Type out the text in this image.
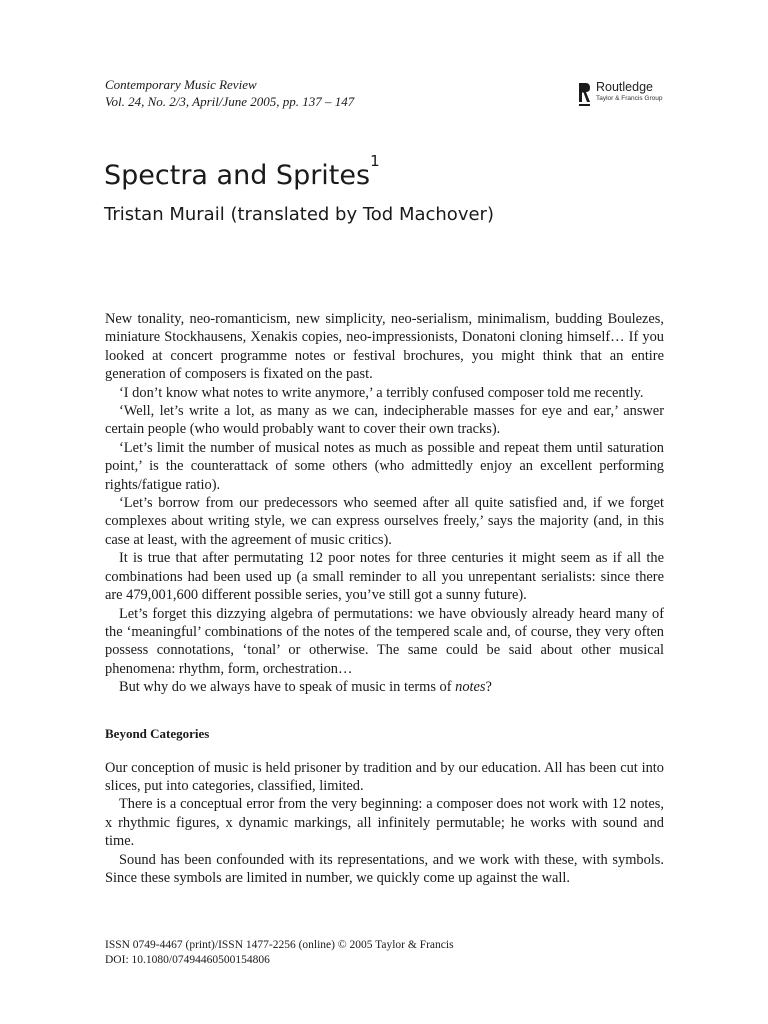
Contemporary Music Review
Vol. 24, No. 2/3, April/June 2005, pp. 137 – 147
Routledge
Taylor & Francis Group
Spectra and Sprites$^1$
Tristan Murail (translated by Tod Machover)

New tonality, neo-romanticism, new simplicity, neo-serialism, minimalism, budding Boulezes, miniature Stockhausens, Xenakis copies, neo-impressionists, Donatoni cloning himself… If you looked at concert programme notes or festival brochures, you might think that an entire generation of composers is fixated on the past.

‘I don’t know what notes to write anymore,’ a terribly confused composer told me recently.

‘Well, let’s write a lot, as many as we can, indecipherable masses for eye and ear,’ answer certain people (who would probably want to cover their own tracks).

‘Let’s limit the number of musical notes as much as possible and repeat them until saturation point,’ is the counterattack of some others (who admittedly enjoy an excellent performing rights/fatigue ratio).

‘Let’s borrow from our predecessors who seemed after all quite satisfied and, if we forget complexes about writing style, we can express ourselves freely,’ says the majority (and, in this case at least, with the agreement of music critics).

It is true that after permutating 12 poor notes for three centuries it might seem as if all the combinations had been used up (a small reminder to all you unrepentant serialists: since there are 479,001,600 different possible series, you’ve still got a sunny future).

Let’s forget this dizzying algebra of permutations: we have obviously already heard many of the ‘meaningful’ combinations of the notes of the tempered scale and, of course, they very often possess connotations, ‘tonal’ or otherwise. The same could be said about other musical phenomena: rhythm, form, orchestration…

But why do we always have to speak of music in terms of notes?

Beyond Categories

Our conception of music is held prisoner by tradition and by our education. All has been cut into slices, put into categories, classified, limited.

There is a conceptual error from the very beginning: a composer does not work with 12 notes, x rhythmic figures, x dynamic markings, all infinitely permutable; he works with sound and time.

Sound has been confounded with its representations, and we work with these, with symbols. Since these symbols are limited in number, we quickly come up against the wall.

ISSN 0749-4467 (print)/ISSN 1477-2256 (online) © 2005 Taylor & Francis
DOI: 10.1080/07494460500154806
